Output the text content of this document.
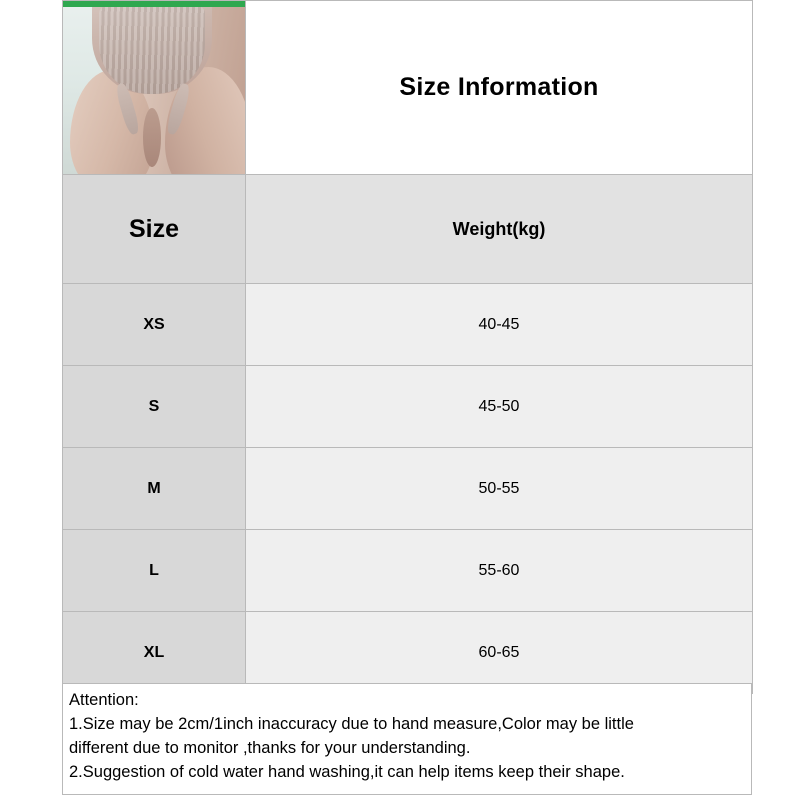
	Size Information
Size	Weight(kg)
XS	40-45
S	45-50
M	50-55
L	55-60
XL	60-65

Attention:

1.Size may be 2cm/1inch inaccuracy due to hand measure,Color may be little

different due to monitor ,thanks for your understanding.

2.Suggestion of cold water hand washing,it can help items keep their shape.
